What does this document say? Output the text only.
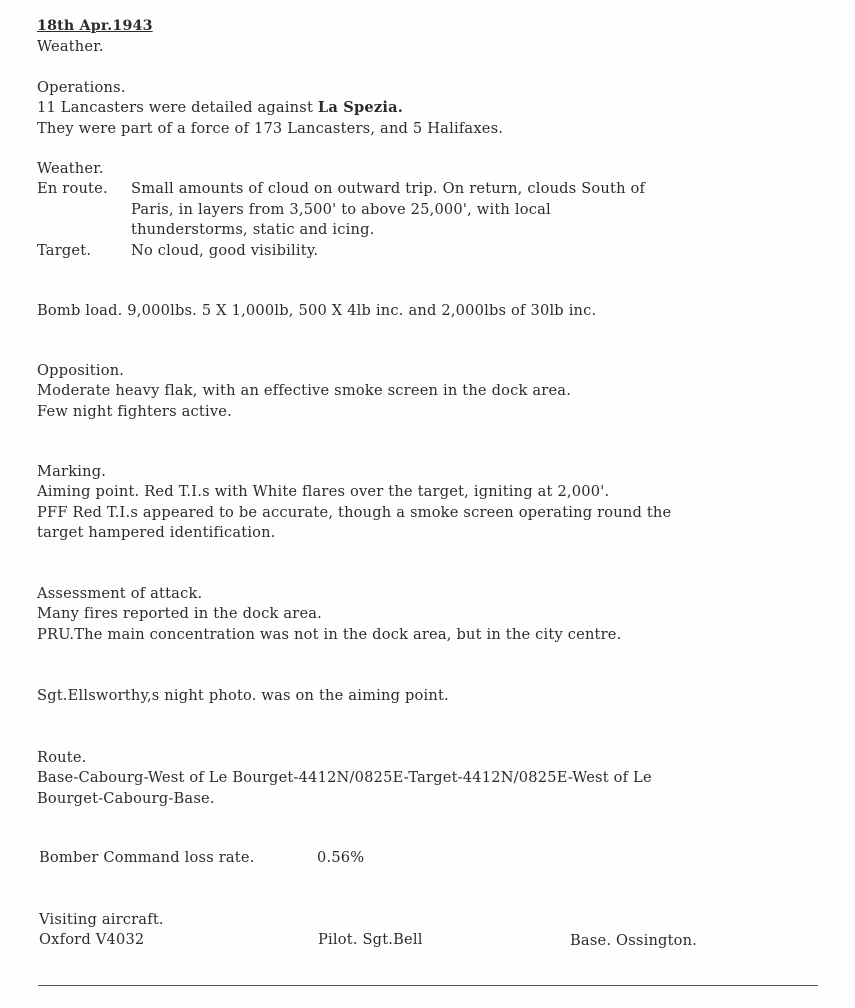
18th Apr.1943
Weather.
Operations.
11 Lancasters were detailed against La Spezia.
They were part of a force of 173 Lancasters, and 5 Halifaxes.
Weather.
En route. Small amounts of cloud on outward trip. On return, clouds South of
Paris, in layers from 3,500' to above 25,000', with local
thunderstorms, static and icing.
Target.	No cloud, good visibility.
Bomb load. 9,000lbs. 5 X 1,000lb, 500 X 4lb inc. and 2,000lbs of 30lb inc.
Opposition.
Moderate heavy flak, with an effective smoke screen in the dock area.
Few night fighters active.
Marking.
Aiming point. Red T.I.s with White flares over the target, igniting at 2,000'.
PFF Red T.I.s appeared to be accurate, though a smoke screen operating round the
target hampered identification.
Assessment of attack.
Many fires reported in the dock area.
PRU.The main concentration was not in the dock area, but in the city centre.
Sgt.Ellsworthy,s night photo. was on the aiming point.
Route.
Base-Cabourg-West of Le Bourget-4412N/0825E-Target-4412N/0825E-West of Le
Bourget-Cabourg-Base.
Bomber Command loss rate.	0.56%
Visiting aircraft.
Oxford V4032	Pilot. Sgt.Bell	Base. Ossington.
